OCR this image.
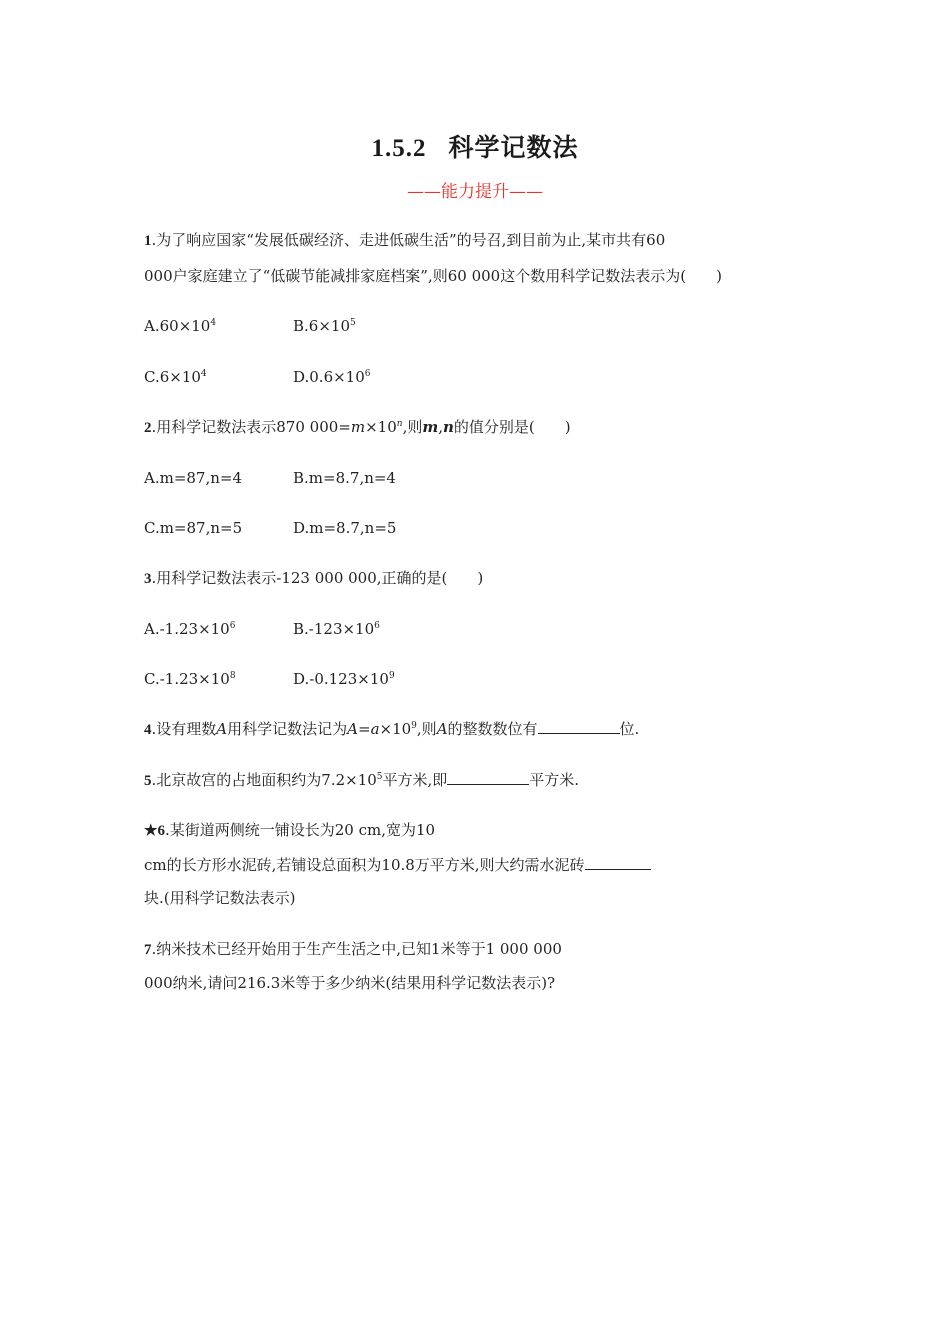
1.5.2 科学记数法
——能力提升——
1.为了响应国家“发展低碳经济、走进低碳生活”的号召,到目前为止,某市共有60
000户家庭建立了“低碳节能减排家庭档案”,则60 000这个数用科学记数法表示为(　　)
$A.60\times 10^4$	$B.6\times 10^5$
$C.6\times 10^4$	$D.0.6\times 10^6$
2.用科学记数法表示870 $000=m\times 10^n$,则m,n的值分别是(　　)
A.m=87,n=4	B.m=8.7,n=4
C.m=87,n=5	D.m=8.7,n=5
3.用科学记数法表示-123 000 000,正确的是(　　)
$A.-1.23\times 10^6$	$B.-123\times 10^6$
$C.-1.23\times 10^8$	$D.-0.123\times 10^9$
4.设有理数A用科学记数法记为$A=a\times 10^9$,则A的整数数位有	位.
5.北京故宫的占地面积约为$7.2\times 10^5$平方米,即	平方米.
★6.某街道两侧统一铺设长为20 cm,宽为10
cm的长方形水泥砖,若铺设总面积为10.8万平方米,则大约需水泥砖
块.(用科学记数法表示)
7.纳米技术已经开始用于生产生活之中,已知1米等于1 000 000
000纳米,请问216.3米等于多少纳米(结果用科学记数法表示)?
